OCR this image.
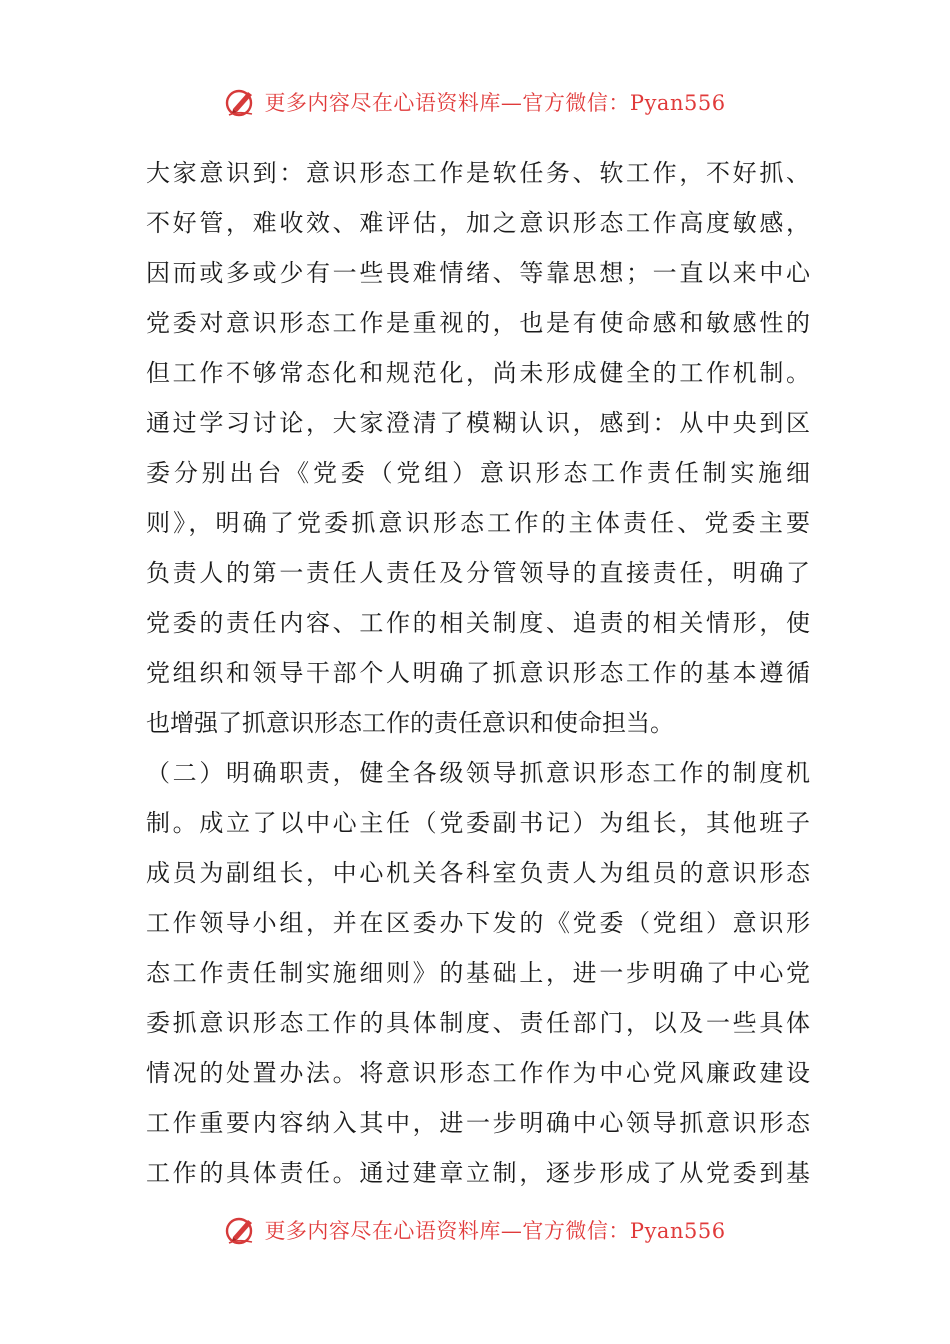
更多内容尽在心语资料库—官方微信：Pyan556
大家意识到：意识形态工作是软任务、软工作，不好抓、
不好管，难收效、难评估，加之意识形态工作高度敏感，
因而或多或少有一些畏难情绪、等靠思想；一直以来中心
党委对意识形态工作是重视的，也是有使命感和敏感性的
但工作不够常态化和规范化，尚未形成健全的工作机制。
通过学习讨论，大家澄清了模糊认识，感到：从中央到区
委分别出台《党委（党组）意识形态工作责任制实施细
则》，明确了党委抓意识形态工作的主体责任、党委主要
负责人的第一责任人责任及分管领导的直接责任，明确了
党委的责任内容、工作的相关制度、追责的相关情形，使
党组织和领导干部个人明确了抓意识形态工作的基本遵循
也增强了抓意识形态工作的责任意识和使命担当。
（二）明确职责，健全各级领导抓意识形态工作的制度机
制。成立了以中心主任（党委副书记）为组长，其他班子
成员为副组长，中心机关各科室负责人为组员的意识形态
工作领导小组，并在区委办下发的《党委（党组）意识形
态工作责任制实施细则》的基础上，进一步明确了中心党
委抓意识形态工作的具体制度、责任部门，以及一些具体
情况的处置办法。将意识形态工作作为中心党风廉政建设
工作重要内容纳入其中，进一步明确中心领导抓意识形态
工作的具体责任。通过建章立制，逐步形成了从党委到基
更多内容尽在心语资料库—官方微信：Pyan556
